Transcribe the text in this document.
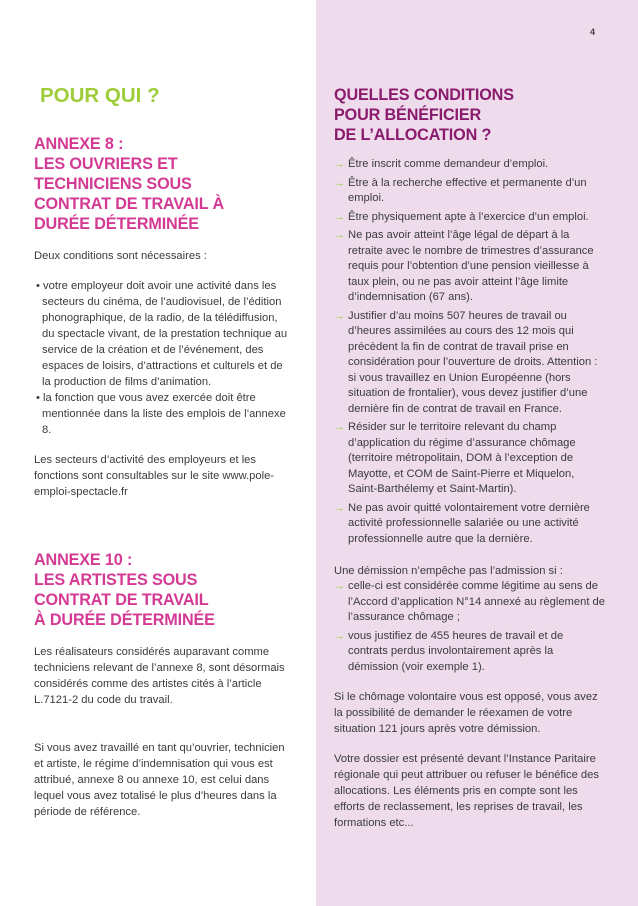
4
POUR QUI ?
ANNEXE 8 :
LES OUVRIERS ET
TECHNICIENS SOUS
CONTRAT DE TRAVAIL À
DURÉE DÉTERMINÉE

Deux conditions sont nécessaires :

• votre employeur doit avoir une activité dans les secteurs du cinéma, de l’audiovisuel, de l’édition phonographique, de la radio, de la télédiffusion, du spectacle vivant, de la prestation technique au service de la création et de l’événement, des espaces de loisirs, d’attractions et culturels et de la production de films d’animation.
• la fonction que vous avez exercée doit être mentionnée dans la liste des emplois de l’annexe 8.

Les secteurs d’activité des employeurs et les fonctions sont consultables sur le site www.pole-emploi-spectacle.fr

ANNEXE 10 :
LES ARTISTES SOUS
CONTRAT DE TRAVAIL
À DURÉE DÉTERMINÉE

Les réalisateurs considérés auparavant comme techniciens relevant de l’annexe 8, sont désormais considérés comme des artistes cités à l’article L.7121-2 du code du travail.

Si vous avez travaillé en tant qu’ouvrier, technicien et artiste, le régime d’indemnisation qui vous est attribué, annexe 8 ou annexe 10, est celui dans lequel vous avez totalisé le plus d’heures dans la période de référence.

QUELLES CONDITIONS
POUR BÉNÉFICIER
DE L’ALLOCATION ?
→
Être inscrit comme demandeur d’emploi.
→
Être à la recherche effective et permanente d’un emploi.
→
Être physiquement apte à l’exercice d’un emploi.
→
Ne pas avoir atteint l’âge légal de départ à la retraite avec le nombre de trimestres d’assurance requis pour l’obtention d’une pension vieillesse à taux plein, ou ne pas avoir atteint l’âge limite d’indemnisation (67 ans).
→
Justifier d’au moins 507 heures de travail ou d’heures assimilées au cours des 12 mois qui précèdent la fin de contrat de travail prise en considération pour l’ouverture de droits. Attention : si vous travaillez en Union Européenne (hors situation de frontalier), vous devez justifier d’une dernière fin de contrat de travail en France.
→
Résider sur le territoire relevant du champ d’application du régime d’assurance chômage (territoire métropolitain, DOM à l’exception de Mayotte, et COM de Saint-Pierre et Miquelon, Saint-Barthélemy et Saint-Martin).
→
Ne pas avoir quitté volontairement votre dernière activité professionnelle salariée ou une activité professionnelle autre que la dernière.

Une démission n’empêche pas l’admission si :

→
celle-ci est considérée comme légitime au sens de l’Accord d’application N°14 annexé au règlement de l’assurance chômage ;
→
vous justifiez de 455 heures de travail et de contrats perdus involontairement après la démission (voir exemple 1).

Si le chômage volontaire vous est opposé, vous avez la possibilité de demander le réexamen de votre situation 121 jours après votre démission.

Votre dossier est présenté devant l’Instance Paritaire régionale qui peut attribuer ou refuser le bénéfice des allocations. Les éléments pris en compte sont les efforts de reclassement, les reprises de travail, les formations etc...
